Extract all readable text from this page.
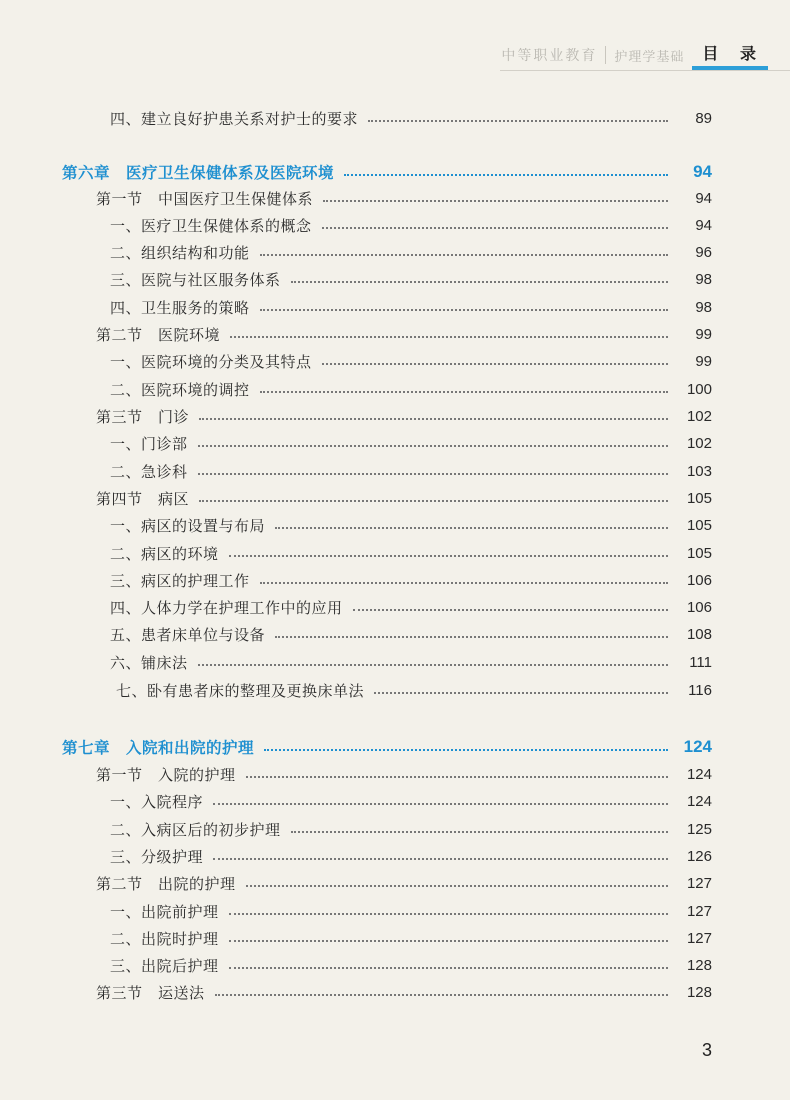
中等职业教育 护理学基础	目 录
四、建立良好护患关系对护士的要求	89
第六章　医疗卫生保健体系及医院环境	94
第一节　中国医疗卫生保健体系	94
一、医疗卫生保健体系的概念	94
二、组织结构和功能	96
三、医院与社区服务体系	98
四、卫生服务的策略	98
第二节　医院环境	99
一、医院环境的分类及其特点	99
二、医院环境的调控	100
第三节　门诊	102
一、门诊部	102
二、急诊科	103
第四节　病区	105
一、病区的设置与布局	105
二、病区的环境	105
三、病区的护理工作	106
四、人体力学在护理工作中的应用	106
五、患者床单位与设备	108
六、铺床法	111
七、卧有患者床的整理及更换床单法	116
第七章　入院和出院的护理	124
第一节　入院的护理	124
一、入院程序	124
二、入病区后的初步护理	125
三、分级护理	126
第二节　出院的护理	127
一、出院前护理	127
二、出院时护理	127
三、出院后护理	128
第三节　运送法	128
3
